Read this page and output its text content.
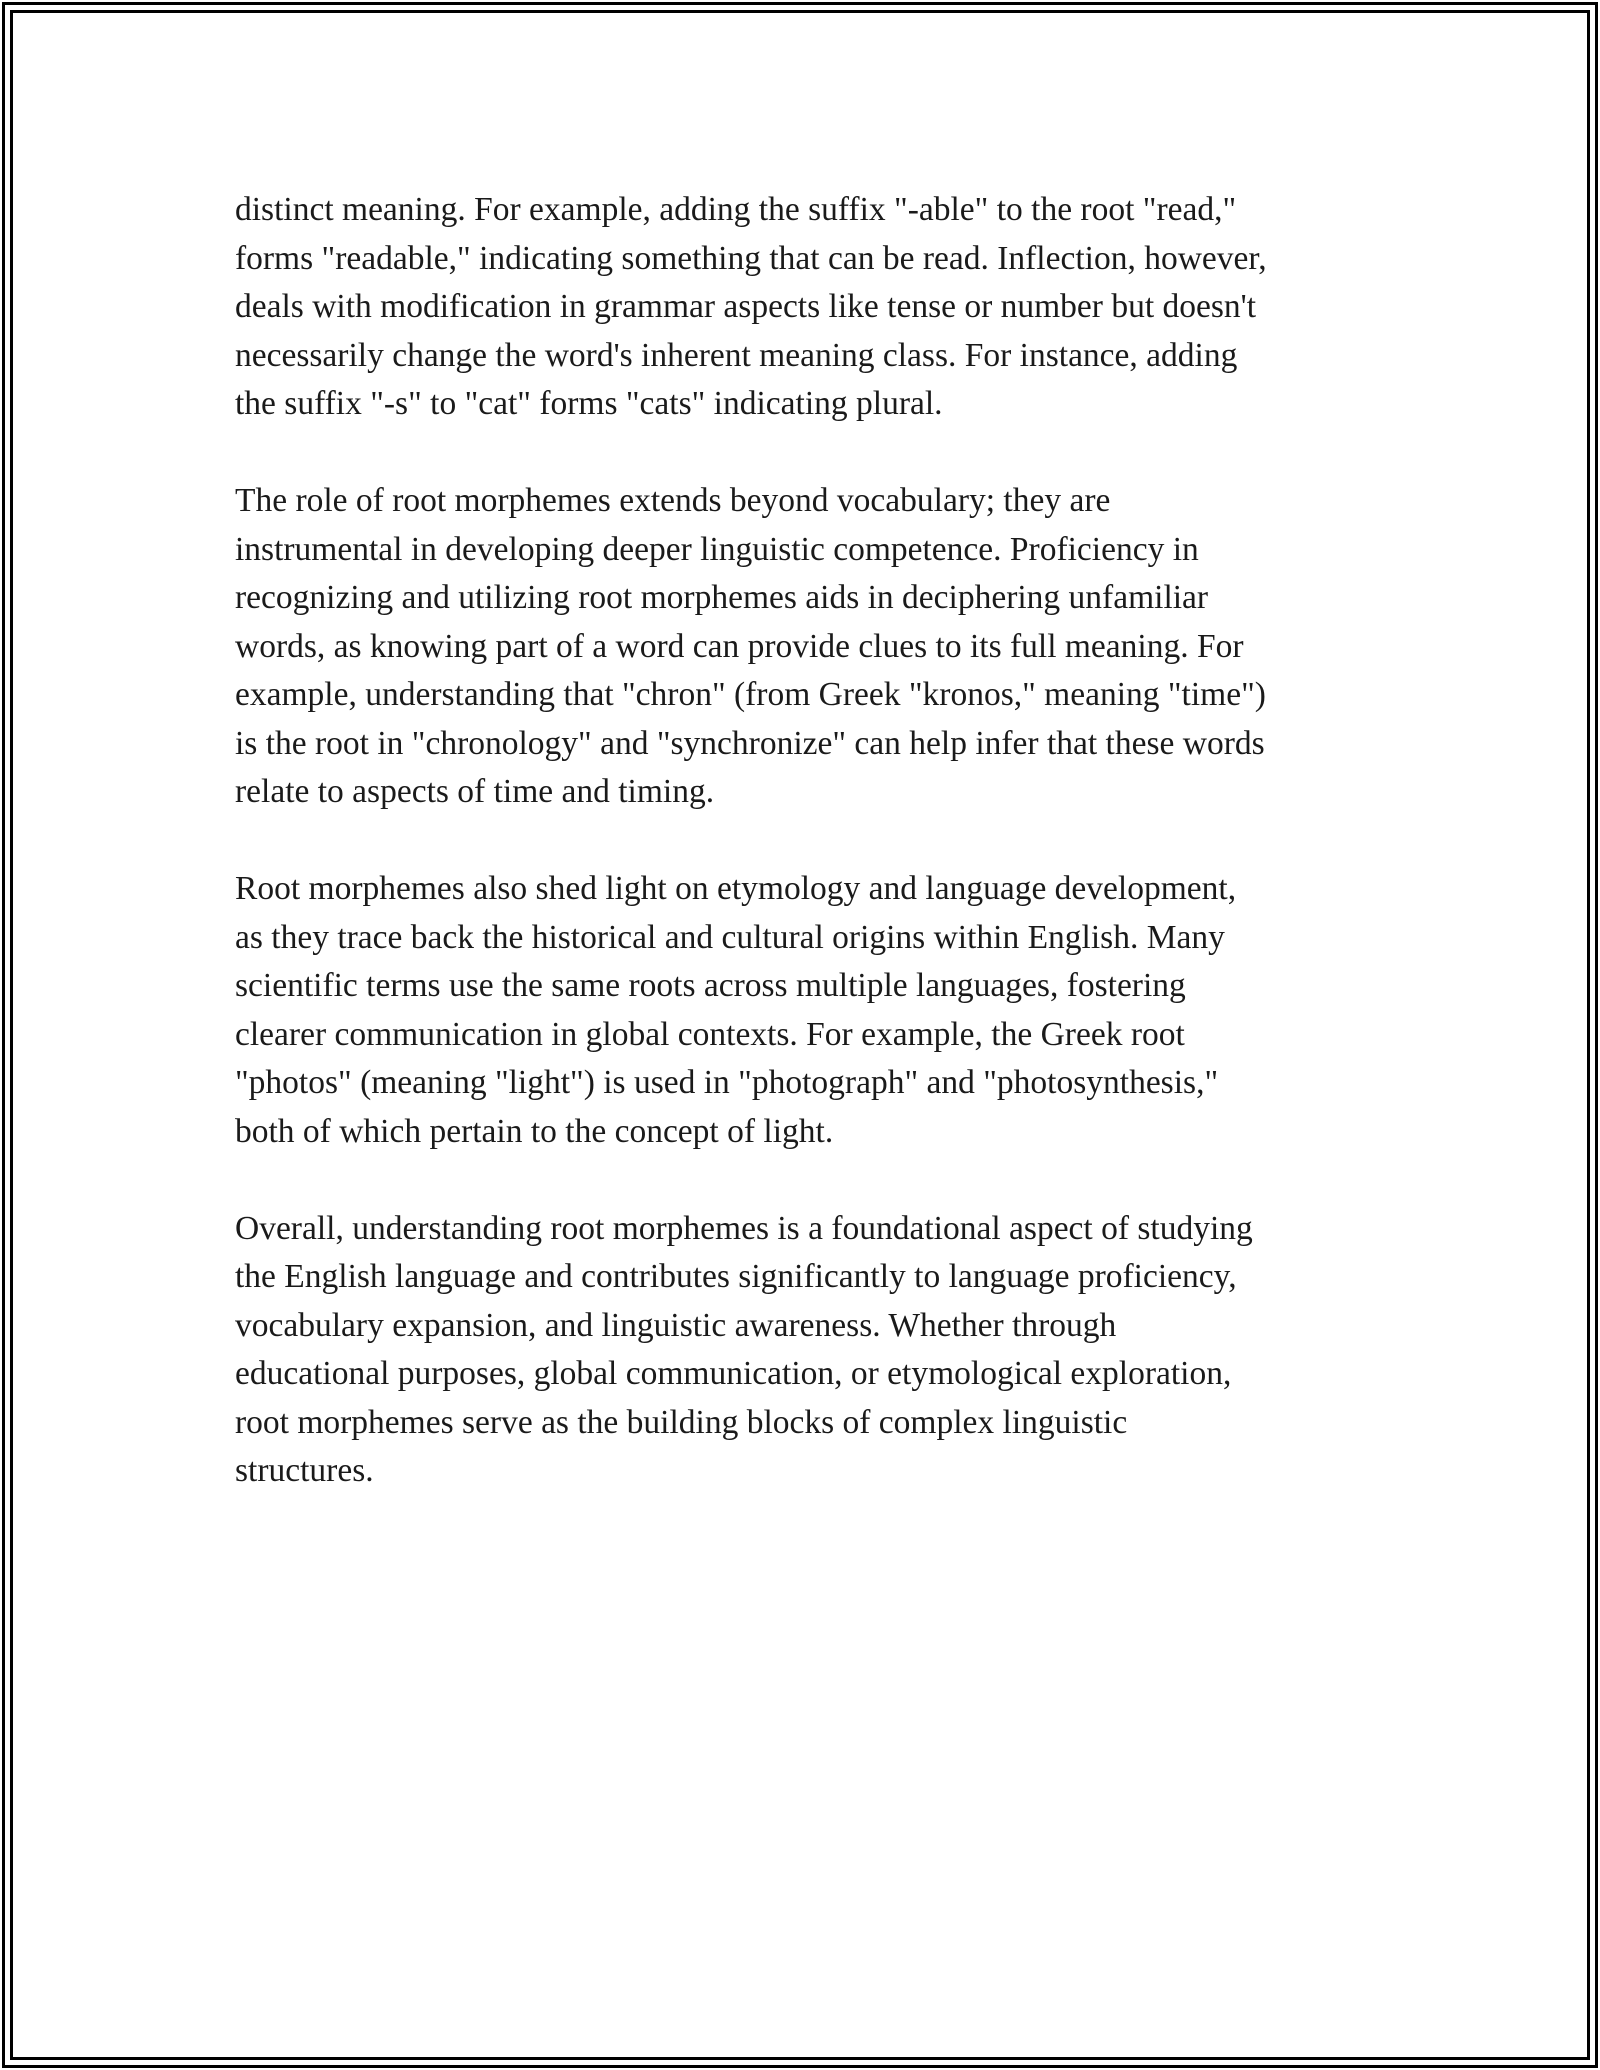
distinct meaning. For example, adding the suffix "-able" to the root "read,"
forms "readable," indicating something that can be read. Inflection, however,
deals with modification in grammar aspects like tense or number but doesn't
necessarily change the word's inherent meaning class. For instance, adding
the suffix "-s" to "cat" forms "cats" indicating plural.

The role of root morphemes extends beyond vocabulary; they are
instrumental in developing deeper linguistic competence. Proficiency in
recognizing and utilizing root morphemes aids in deciphering unfamiliar
words, as knowing part of a word can provide clues to its full meaning. For
example, understanding that "chron" (from Greek "kronos," meaning "time")
is the root in "chronology" and "synchronize" can help infer that these words
relate to aspects of time and timing.

Root morphemes also shed light on etymology and language development,
as they trace back the historical and cultural origins within English. Many
scientific terms use the same roots across multiple languages, fostering
clearer communication in global contexts. For example, the Greek root
"photos" (meaning "light") is used in "photograph" and "photosynthesis,"
both of which pertain to the concept of light.

Overall, understanding root morphemes is a foundational aspect of studying
the English language and contributes significantly to language proficiency,
vocabulary expansion, and linguistic awareness. Whether through
educational purposes, global communication, or etymological exploration,
root morphemes serve as the building blocks of complex linguistic
structures.
